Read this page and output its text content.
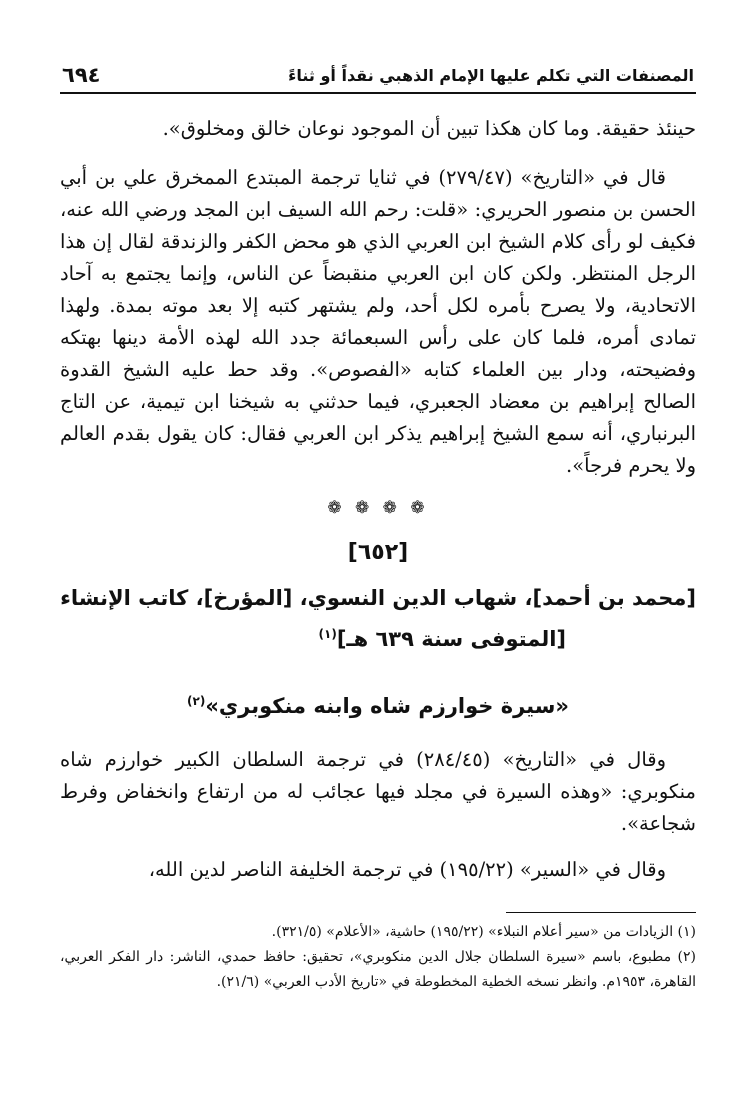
المصنفات التي تكلم عليها الإمام الذهبي نقداً أو ثناءً
٦٩٤

حينئذ حقيقة. وما كان هكذا تبين أن الموجود نوعان خالق ومخلوق».

قال في «التاريخ» (٢٧٩/٤٧) في ثنايا ترجمة المبتدع الممخرق علي بن أبي الحسن بن منصور الحريري: «قلت: رحم الله السيف ابن المجد ورضي الله عنه، فكيف لو رأى كلام الشيخ ابن العربي الذي هو محض الكفر والزندقة لقال إن هذا الرجل المنتظر. ولكن كان ابن العربي منقبضاً عن الناس، وإنما يجتمع به آحاد الاتحادية، ولا يصرح بأمره لكل أحد، ولم يشتهر كتبه إلا بعد موته بمدة. ولهذا تمادى أمره، فلما كان على رأس السبعمائة جدد الله لهذه الأمة دينها بهتكه وفضيحته، ودار بين العلماء كتابه «الفصوص». وقد حط عليه الشيخ القدوة الصالح إبراهيم بن معضاد الجعبري، فيما حدثني به شيخنا ابن تيمية، عن التاج البرنباري، أنه سمع الشيخ إبراهيم يذكر ابن العربي فقال: كان يقول بقدم العالم ولا يحرم فرجاً».

❁ ❁ ❁ ❁
[٦٥٢]
[محمد بن أحمد]، شهاب الدين النسوي، [المؤرخ]، كاتب الإنشاء
[المتوفى سنة ٦٣٩ هـ]$^{(١)}$
«سيرة خوارزم شاه وابنه منكوبري»$^{(٢)}$

وقال في «التاريخ» (٢٨٤/٤٥) في ترجمة السلطان الكبير خوارزم شاه منكوبري: «وهذه السيرة في مجلد فيها عجائب له من ارتفاع وانخفاض وفرط شجاعة».

وقال في «السير» (١٩٥/٢٢) في ترجمة الخليفة الناصر لدين الله،

(١) الزيادات من «سير أعلام النبلاء» (١٩٥/٢٢) حاشية، «الأعلام» (٣٢١/٥).

(٢) مطبوع، باسم «سيرة السلطان جلال الدين منكوبري»، تحقيق: حافظ حمدي، الناشر: دار الفكر العربي، القاهرة، ١٩٥٣م. وانظر نسخه الخطية المخطوطة في «تاريخ الأدب العربي» (٢١/٦).
